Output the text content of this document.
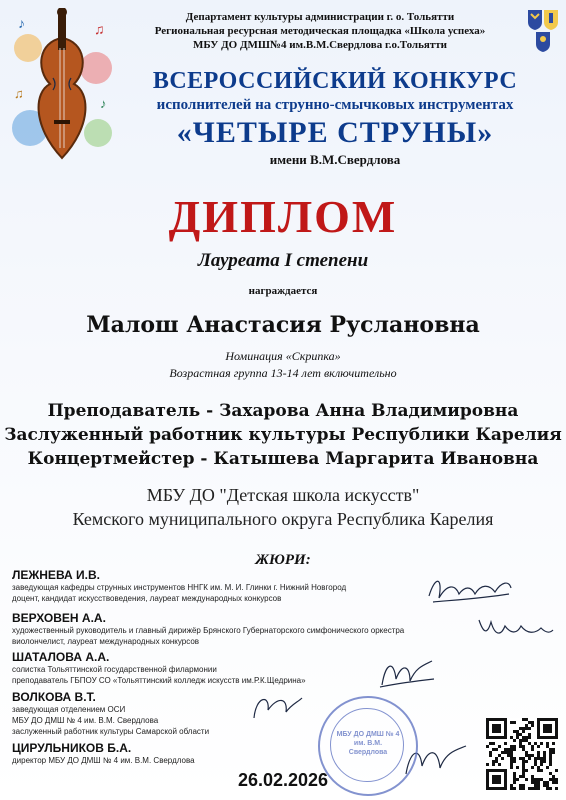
♪	♫
♪
♫
Департамент культуры администрации г. о. Тольятти
Региональная ресурсная методическая площадка «Школа успеха»
МБУ ДО ДМШ№4 им.В.М.Свердлова г.о.Тольятти
ВСЕРОССИЙСКИЙ КОНКУРС
исполнителей на струнно-смычковых инструментах
«ЧЕТЫРЕ СТРУНЫ»
имени В.М.Свердлова
ДИПЛОМ
Лауреата I степени
награждается
Малош Анастасия Руслановна
Номинация «Скрипка»
Возрастная группа 13-14 лет включительно
Преподаватель - Захарова Анна Владимировна
Заслуженный работник культуры Республики Карелия
Концертмейстер - Катышева Маргарита Ивановна
МБУ ДО "Детская школа искусств"
Кемского муниципального округа Республика Карелия
ЖЮРИ:
ЛЕЖНЕВА И.В.
заведующая кафедры струнных инструментов ННГК им. М. И. Глинки г. Нижний Новгород
доцент, кандидат искусствоведения, лауреат международных конкурсов
ВЕРХОВЕН А.А.
художественный руководитель и главный дирижёр Брянского Губернаторского симфонического оркестра
виолончелист, лауреат международных конкурсов
ШАТАЛОВА А.А.
солистка Тольяттинской государственной филармонии
преподаватель ГБПОУ СО «Тольяттинский колледж искусств им.Р.К.Щедрина»
ВОЛКОВА В.Т.
заведующая отделением ОСИ
МБУ ДО ДМШ № 4 им. В.М. Свердлова
заслуженный работник культуры Самарской области
ЦИРУЛЬНИКОВ Б.А.
директор МБУ ДО ДМШ № 4 им. В.М. Свердлова
МБУ ДО ДМШ № 4 им. В.М. Свердлова
26.02.2026
